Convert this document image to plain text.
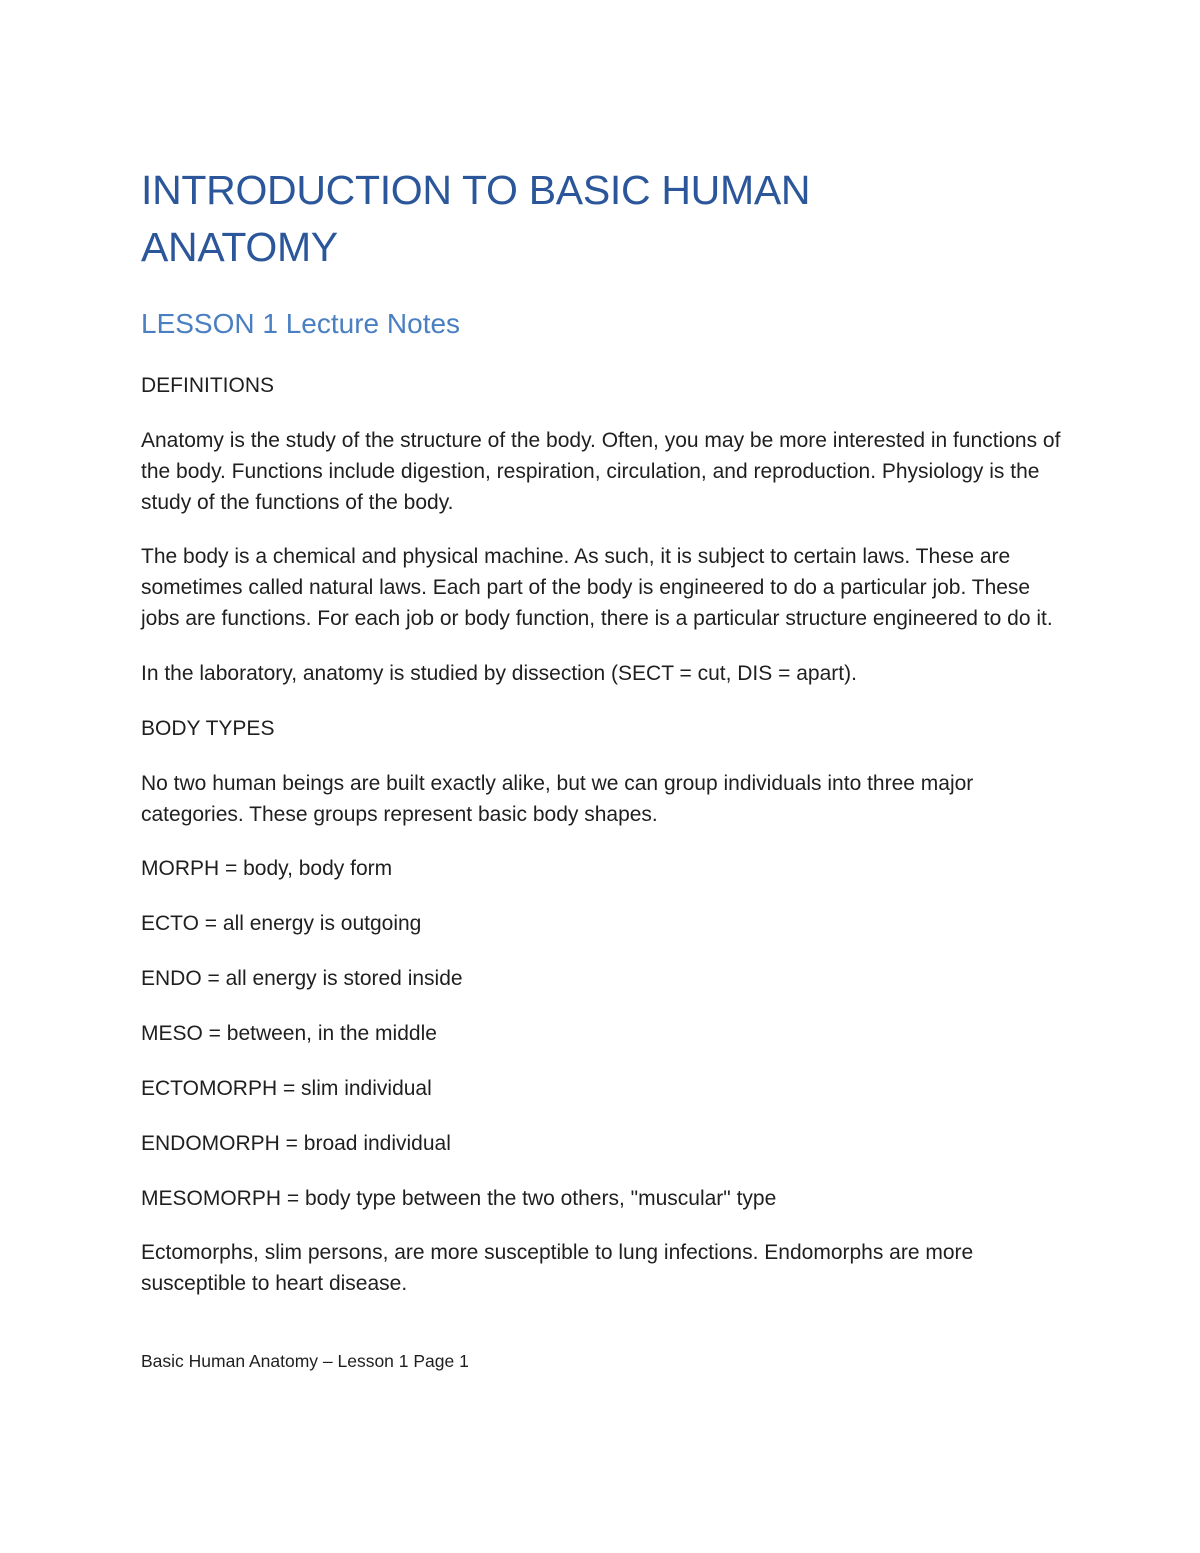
INTRODUCTION TO BASIC HUMAN ANATOMY
LESSON 1 Lecture Notes

DEFINITIONS

Anatomy is the study of the structure of the body. Often, you may be more interested in functions of the body. Functions include digestion, respiration, circulation, and reproduction. Physiology is the study of the functions of the body.

The body is a chemical and physical machine. As such, it is subject to certain laws. These are sometimes called natural laws. Each part of the body is engineered to do a particular job. These jobs are functions. For each job or body function, there is a particular structure engineered to do it.

In the laboratory, anatomy is studied by dissection (SECT = cut, DIS = apart).

BODY TYPES

No two human beings are built exactly alike, but we can group individuals into three major categories. These groups represent basic body shapes.

MORPH = body, body form

ECTO = all energy is outgoing

ENDO = all energy is stored inside

MESO = between, in the middle

ECTOMORPH = slim individual

ENDOMORPH = broad individual

MESOMORPH = body type between the two others, "muscular" type

Ectomorphs, slim persons, are more susceptible to lung infections. Endomorphs are more susceptible to heart disease.

Basic Human Anatomy – Lesson 1 Page 1
